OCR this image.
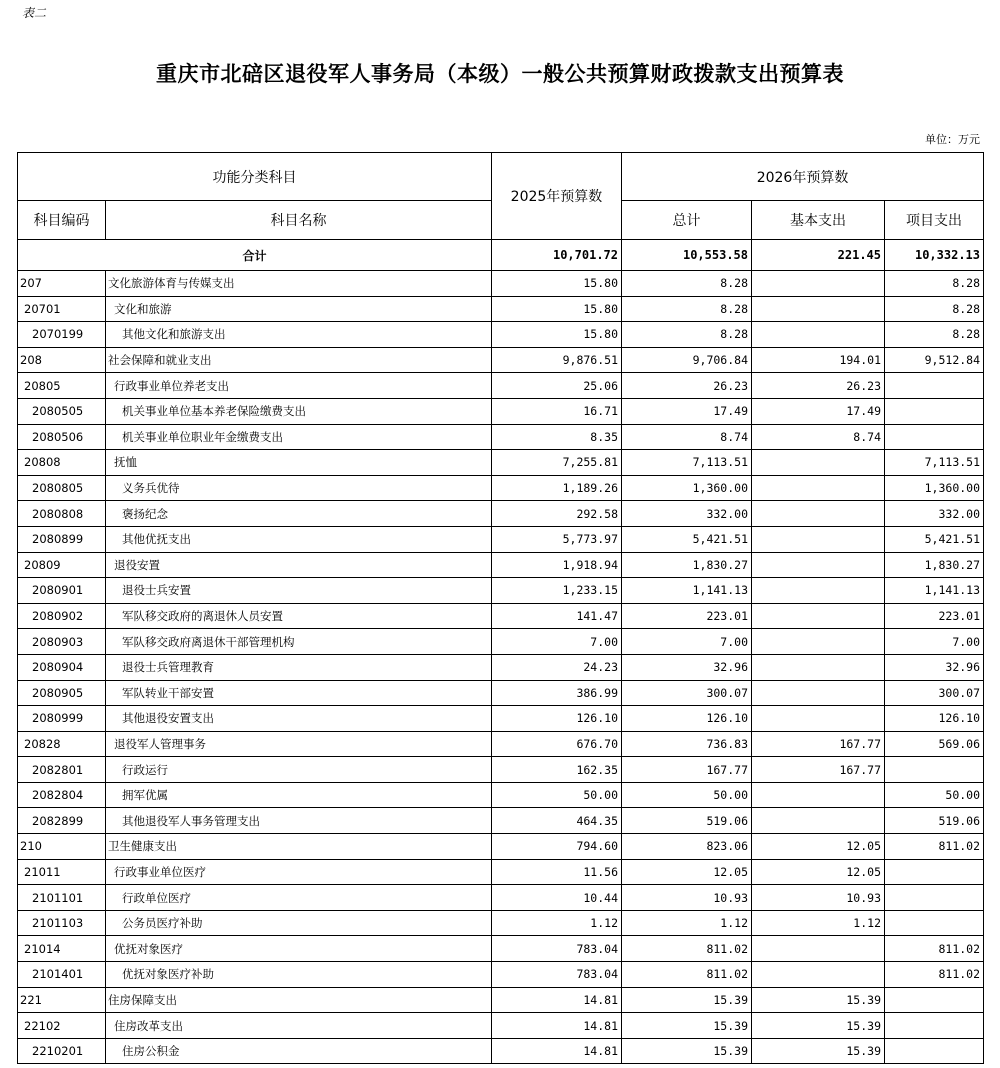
表二
重庆市北碚区退役军人事务局（本级）一般公共预算财政拨款支出预算表
单位：万元
功能分类科目		2025年预算数	2026年预算数		
科目编码	科目名称		总计	基本支出	项目支出
合计		10,701.72	10,553.58	221.45	10,332.13
207	文化旅游体育与传媒支出	15.80	8.28		8.28
20701	文化和旅游	15.80	8.28		8.28
2070199	其他文化和旅游支出	15.80	8.28		8.28
208	社会保障和就业支出	9,876.51	9,706.84	194.01	9,512.84
20805	行政事业单位养老支出	25.06	26.23	26.23	
2080505	机关事业单位基本养老保险缴费支出	16.71	17.49	17.49	
2080506	机关事业单位职业年金缴费支出	8.35	8.74	8.74	
20808	抚恤	7,255.81	7,113.51		7,113.51
2080805	义务兵优待	1,189.26	1,360.00		1,360.00
2080808	褒扬纪念	292.58	332.00		332.00
2080899	其他优抚支出	5,773.97	5,421.51		5,421.51
20809	退役安置	1,918.94	1,830.27		1,830.27
2080901	退役士兵安置	1,233.15	1,141.13		1,141.13
2080902	军队移交政府的离退休人员安置	141.47	223.01		223.01
2080903	军队移交政府离退休干部管理机构	7.00	7.00		7.00
2080904	退役士兵管理教育	24.23	32.96		32.96
2080905	军队转业干部安置	386.99	300.07		300.07
2080999	其他退役安置支出	126.10	126.10		126.10
20828	退役军人管理事务	676.70	736.83	167.77	569.06
2082801	行政运行	162.35	167.77	167.77	
2082804	拥军优属	50.00	50.00		50.00
2082899	其他退役军人事务管理支出	464.35	519.06		519.06
210	卫生健康支出	794.60	823.06	12.05	811.02
21011	行政事业单位医疗	11.56	12.05	12.05	
2101101	行政单位医疗	10.44	10.93	10.93	
2101103	公务员医疗补助	1.12	1.12	1.12	
21014	优抚对象医疗	783.04	811.02		811.02
2101401	优抚对象医疗补助	783.04	811.02		811.02
221	住房保障支出	14.81	15.39	15.39	
22102	住房改革支出	14.81	15.39	15.39	
2210201	住房公积金	14.81	15.39	15.39	
